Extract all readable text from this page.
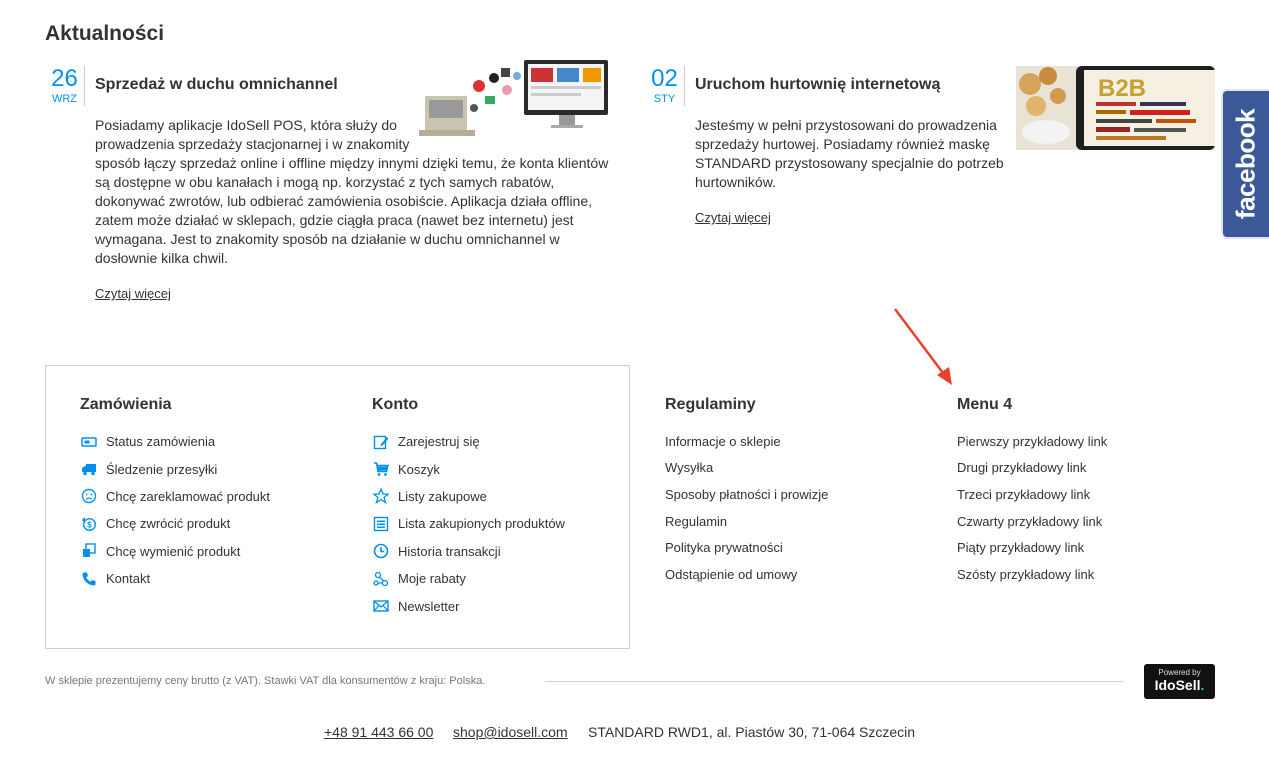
Aktualności
26
WRZ
Sprzedaż w duchu omnichannel

Posiadamy aplikacje IdoSell POS, która służy do prowadzenia sprzedaży stacjonarnej i w znakomity sposób łączy sprzedaż online i offline między innymi dzięki temu, że konta klientów są dostępne w obu kanałach i mogą np. korzystać z tych samych rabatów, dokonywać zwrotów, lub odbierać zamówienia osobiście. Aplikacja działa offline, zatem może działać w sklepach, gdzie ciągła praca (nawet bez internetu) jest wymagana. Jest to znakomity sposób na działanie w duchu omnichannel w dosłownie kilka chwil.

Czytaj więcej
02
STY
Uruchom hurtownię internetową

Jesteśmy w pełni przystosowani do prowadzenia sprzedaży hurtowej. Posiadamy również maskę STANDARD przystosowany specjalnie do potrzeb hurtowników.

Czytaj więcej
B2B
facebook
Zamówienia
Status zamówienia
Śledzenie przesyłki
Chcę zareklamować produkt
$ Chcę zwrócić produkt
Chcę wymienić produkt
Kontakt
Konto
Zarejestruj się
Koszyk
Listy zakupowe
Lista zakupionych produktów
Historia transakcji
Moje rabaty
Newsletter
Regulaminy
Informacje o sklepie
Wysyłka
Sposoby płatności i prowizje
Regulamin
Polityka prywatności
Odstąpienie od umowy
Menu 4
Pierwszy przykładowy link
Drugi przykładowy link
Trzeci przykładowy link
Czwarty przykładowy link
Piąty przykładowy link
Szósty przykładowy link
W sklepie prezentujemy ceny brutto (z VAT). Stawki VAT dla konsumentów z kraju: Polska.
Powered by
IdoSell.
+48 91 443 66 00 shop@idosell.com STANDARD RWD1, al. Piastów 30, 71-064 Szczecin
